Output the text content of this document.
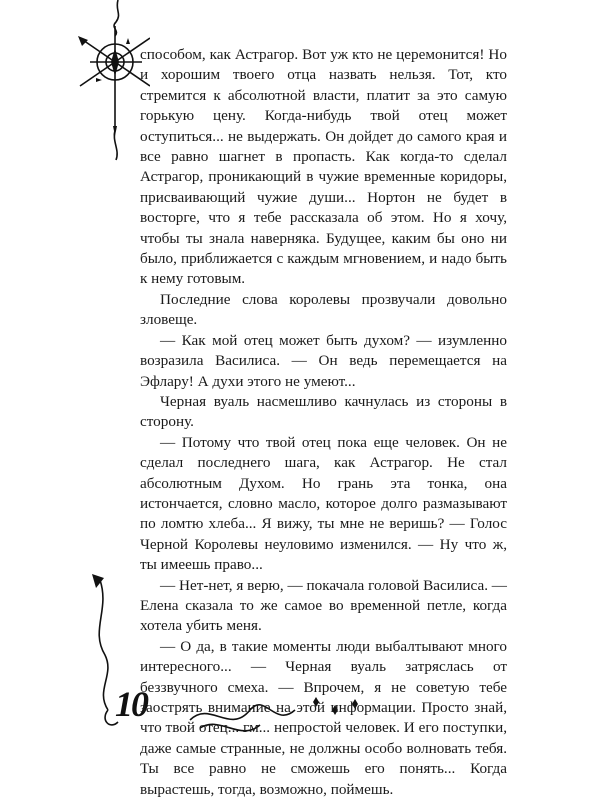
10

способом, как Астрагор. Вот уж кто не церемонится! Но и хорошим твоего отца назвать нельзя. Тот, кто стремится к абсолютной власти, платит за это самую горькую цену. Когда-нибудь твой отец может оступиться... не выдержать. Он дойдет до самого края и все равно шагнет в пропасть. Как когда-то сделал Астрагор, проникающий в чужие временные коридоры, присваивающий чужие души... Нортон не будет в восторге, что я тебе рассказала об этом. Но я хочу, чтобы ты знала наверняка. Будущее, каким бы оно ни было, приближается с каждым мгновением, и надо быть к нему готовым.

Последние слова королевы прозвучали довольно зловеще.

— Как мой отец может быть духом? — изумленно возразила Василиса. — Он ведь перемещается на Эфлару! А духи этого не умеют...

Черная вуаль насмешливо качнулась из стороны в сторону.

— Потому что твой отец пока еще человек. Он не сделал последнего шага, как Астрагор. Не стал абсолютным Духом. Но грань эта тонка, она истончается, словно масло, которое долго размазывают по ломтю хлеба... Я вижу, ты мне не веришь? — Голос Черной Королевы неуловимо изменился. — Ну что ж, ты имеешь право...

— Нет-нет, я верю, — покачала головой Василиса. — Елена сказала то же самое во временной петле, когда хотела убить меня.

— О да, в такие моменты люди выбалтывают много интересного... — Черная вуаль затряслась от беззвучного смеха. — Впрочем, я не советую тебе заострять внимание на этой информации. Просто знай, что твой отец... гм... непростой человек. И его поступки, даже самые странные, не должны особо волновать тебя. Ты все равно не сможешь его понять... Когда вырастешь, тогда, возможно, поймешь.
